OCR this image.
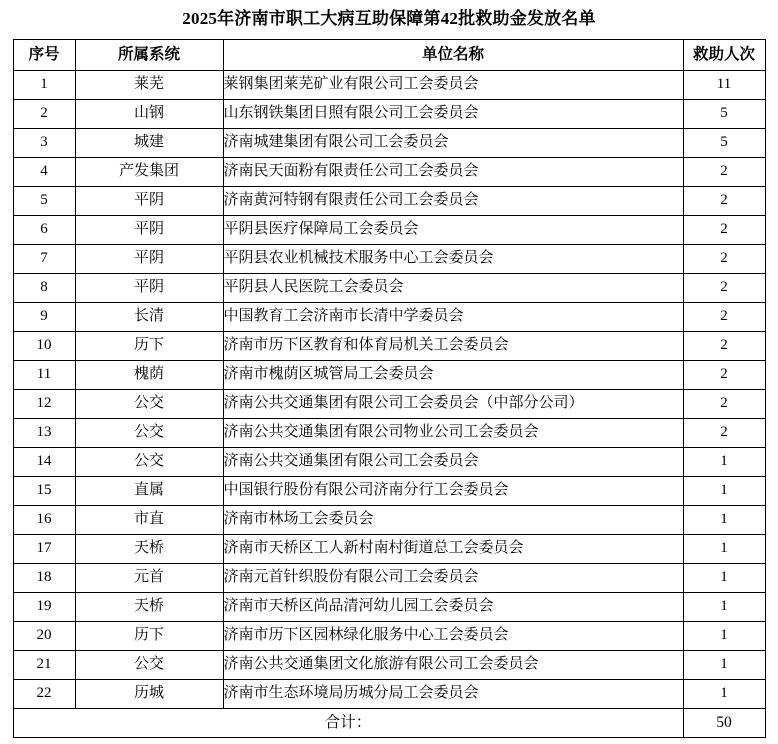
2025年济南市职工大病互助保障第42批救助金发放名单
序号	所属系统	单位名称	救助人次
1	莱芜	莱钢集团莱芜矿业有限公司工会委员会	11
2	山钢	山东钢铁集团日照有限公司工会委员会	5
3	城建	济南城建集团有限公司工会委员会	5
4	产发集团	济南民天面粉有限责任公司工会委员会	2
5	平阴	济南黄河特钢有限责任公司工会委员会	2
6	平阴	平阴县医疗保障局工会委员会	2
7	平阴	平阴县农业机械技术服务中心工会委员会	2
8	平阴	平阴县人民医院工会委员会	2
9	长清	中国教育工会济南市长清中学委员会	2
10	历下	济南市历下区教育和体育局机关工会委员会	2
11	槐荫	济南市槐荫区城管局工会委员会	2
12	公交	济南公共交通集团有限公司工会委员会（中部分公司）	2
13	公交	济南公共交通集团有限公司物业公司工会委员会	2
14	公交	济南公共交通集团有限公司工会委员会	1
15	直属	中国银行股份有限公司济南分行工会委员会	1
16	市直	济南市林场工会委员会	1
17	天桥	济南市天桥区工人新村南村街道总工会委员会	1
18	元首	济南元首针织股份有限公司工会委员会	1
19	天桥	济南市天桥区尚品清河幼儿园工会委员会	1
20	历下	济南市历下区园林绿化服务中心工会委员会	1
21	公交	济南公共交通集团文化旅游有限公司工会委员会	1
22	历城	济南市生态环境局历城分局工会委员会	1
合计：			50
